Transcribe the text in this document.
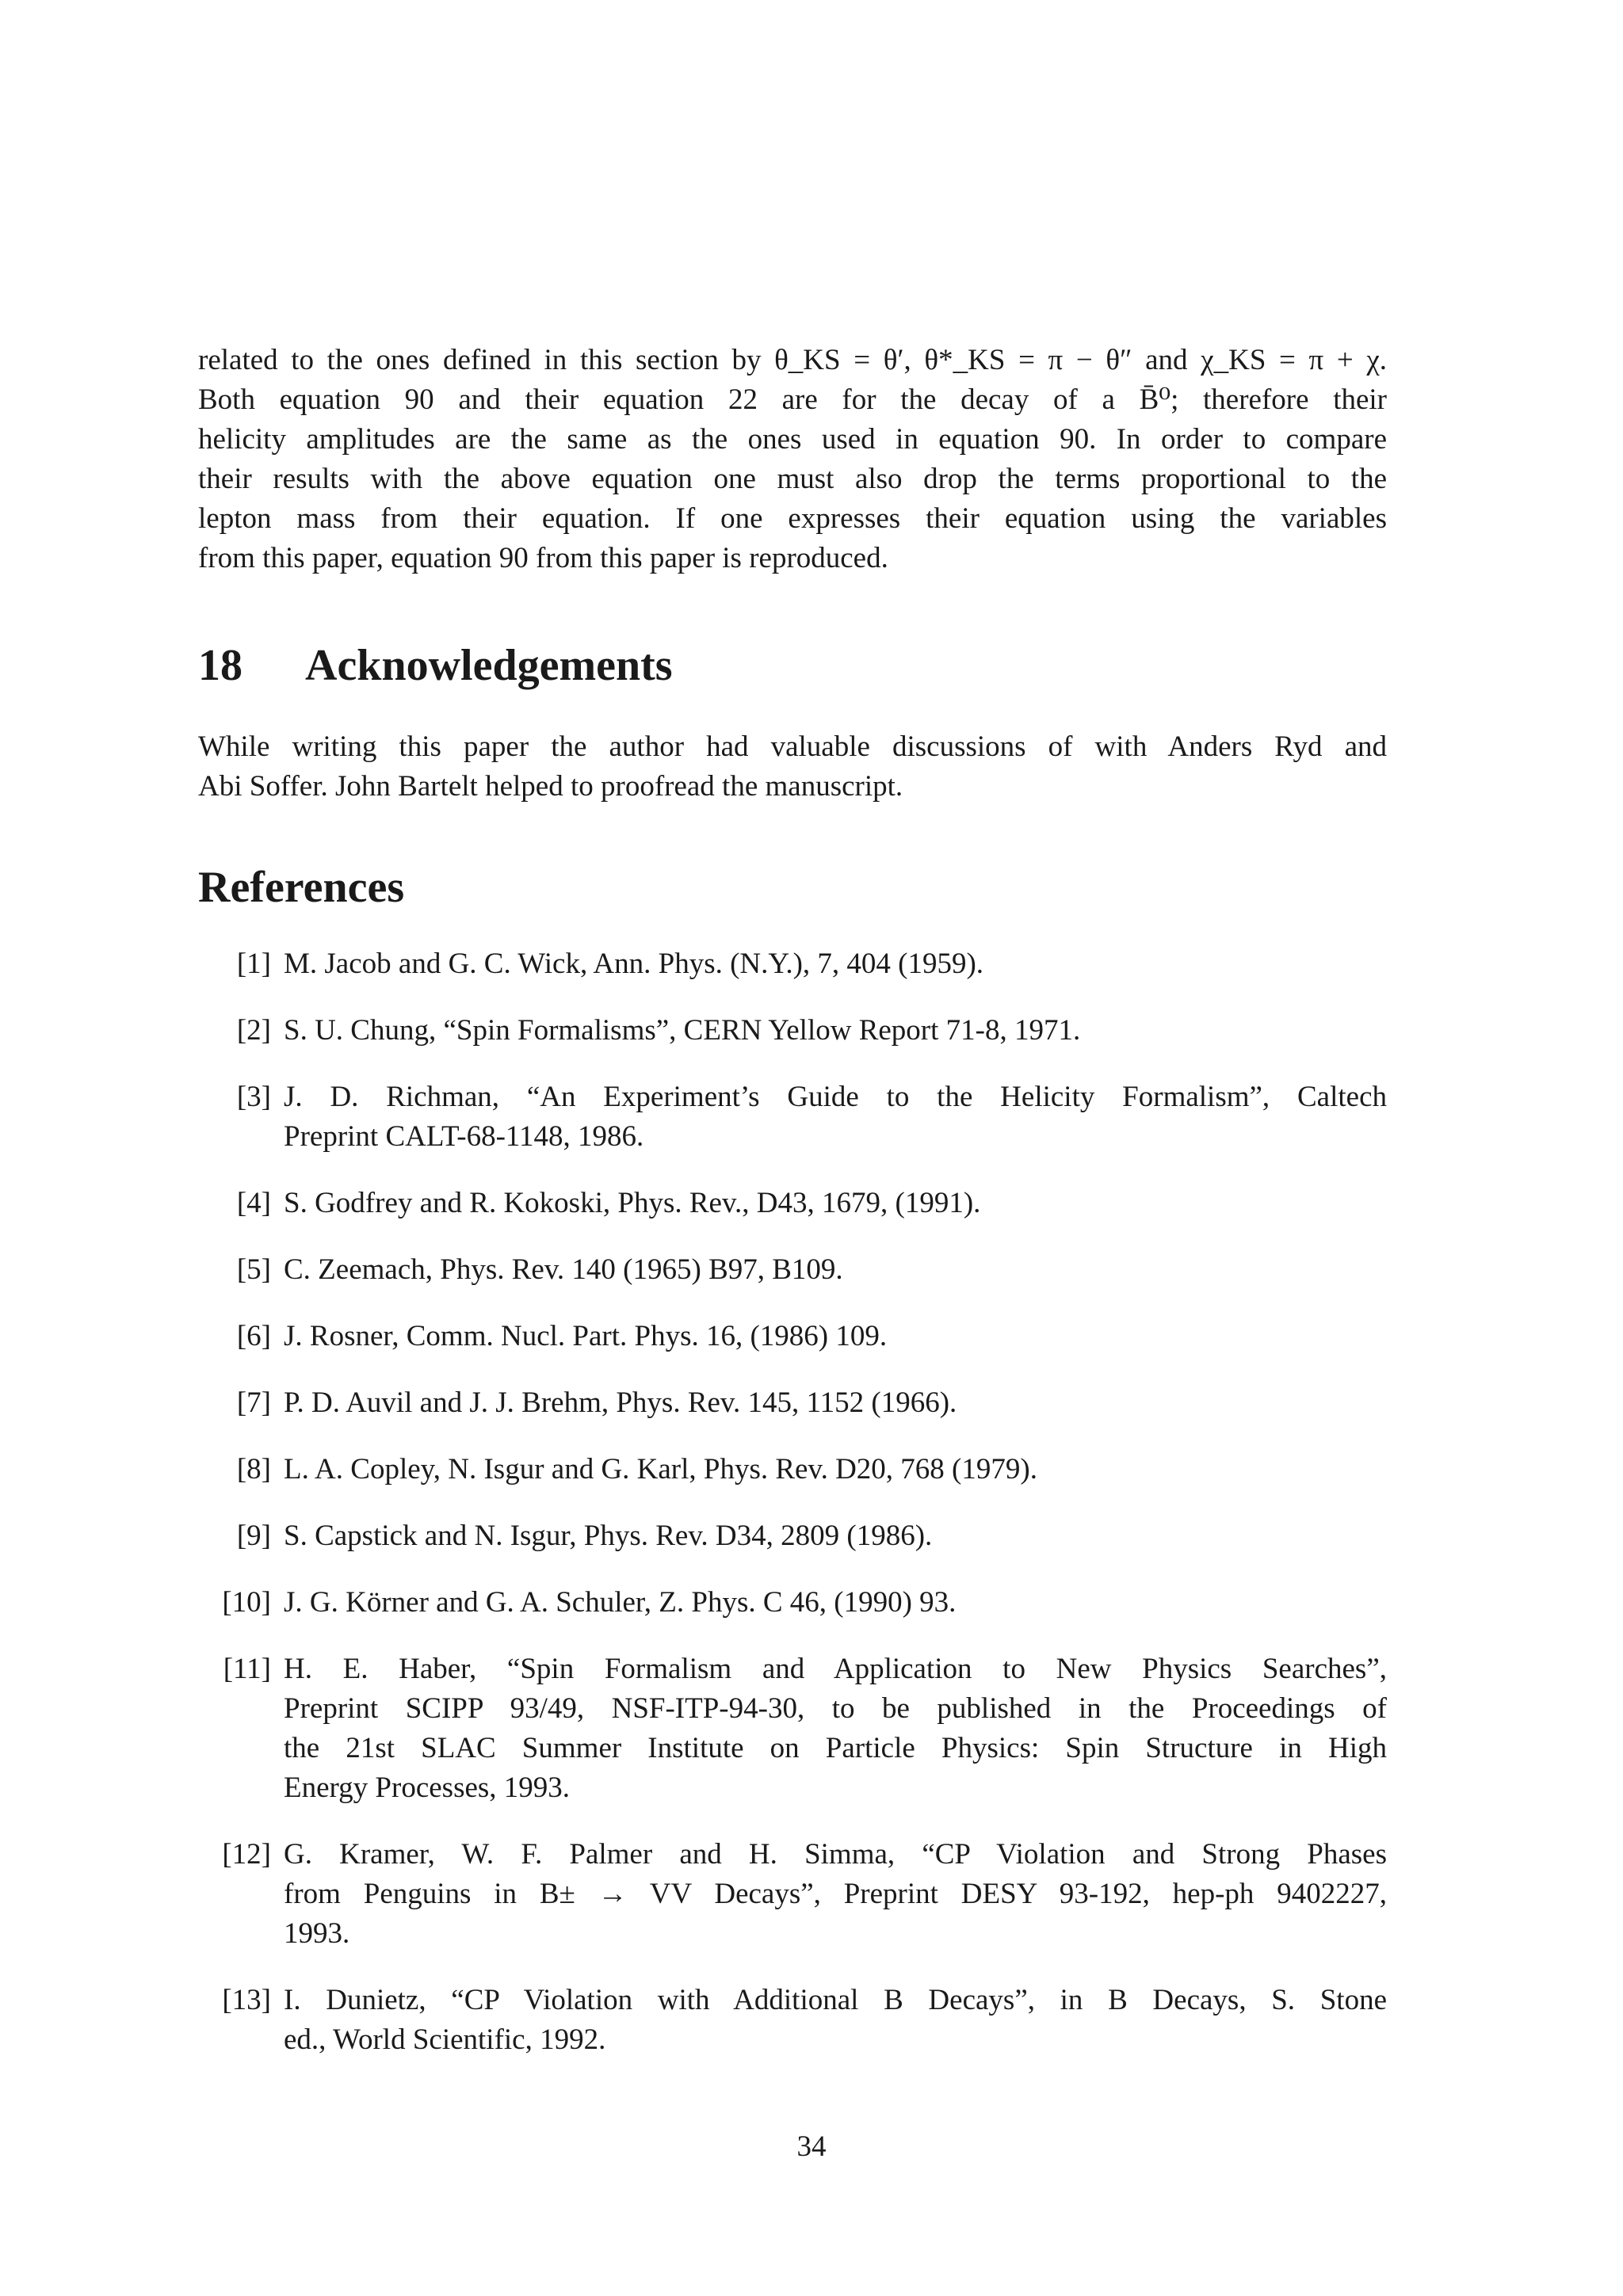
related to the ones defined in this section by θ_KS = θ′, θ*_KS = π − θ″ and χ_KS = π + χ.
Both equation 90 and their equation 22 are for the decay of a B̄⁰; therefore their
helicity amplitudes are the same as the ones used in equation 90. In order to compare
their results with the above equation one must also drop the terms proportional to the
lepton mass from their equation. If one expresses their equation using the variables
from this paper, equation 90 from this paper is reproduced.

18 Acknowledgements

While writing this paper the author had valuable discussions of with Anders Ryd and
Abi Soffer. John Bartelt helped to proofread the manuscript.

References
[1] M. Jacob and G. C. Wick, Ann. Phys. (N.Y.), 7, 404 (1959).
[2] S. U. Chung, “Spin Formalisms”, CERN Yellow Report 71-8, 1971.
[3] J. D. Richman, “An Experiment’s Guide to the Helicity Formalism”, Caltech
Preprint CALT-68-1148, 1986.
[4] S. Godfrey and R. Kokoski, Phys. Rev., D43, 1679, (1991).
[5] C. Zeemach, Phys. Rev. 140 (1965) B97, B109.
[6] J. Rosner, Comm. Nucl. Part. Phys. 16, (1986) 109.
[7] P. D. Auvil and J. J. Brehm, Phys. Rev. 145, 1152 (1966).
[8] L. A. Copley, N. Isgur and G. Karl, Phys. Rev. D20, 768 (1979).
[9] S. Capstick and N. Isgur, Phys. Rev. D34, 2809 (1986).
[10] J. G. Körner and G. A. Schuler, Z. Phys. C 46, (1990) 93.
[11] H. E. Haber, “Spin Formalism and Application to New Physics Searches”,
Preprint SCIPP 93/49, NSF-ITP-94-30, to be published in the Proceedings of
the 21st SLAC Summer Institute on Particle Physics: Spin Structure in High
Energy Processes, 1993.
[12] G. Kramer, W. F. Palmer and H. Simma, “CP Violation and Strong Phases
from Penguins in B± → VV Decays”, Preprint DESY 93-192, hep-ph 9402227,
1993.
[13] I. Dunietz, “CP Violation with Additional B Decays”, in B Decays, S. Stone
ed., World Scientific, 1992.
34
